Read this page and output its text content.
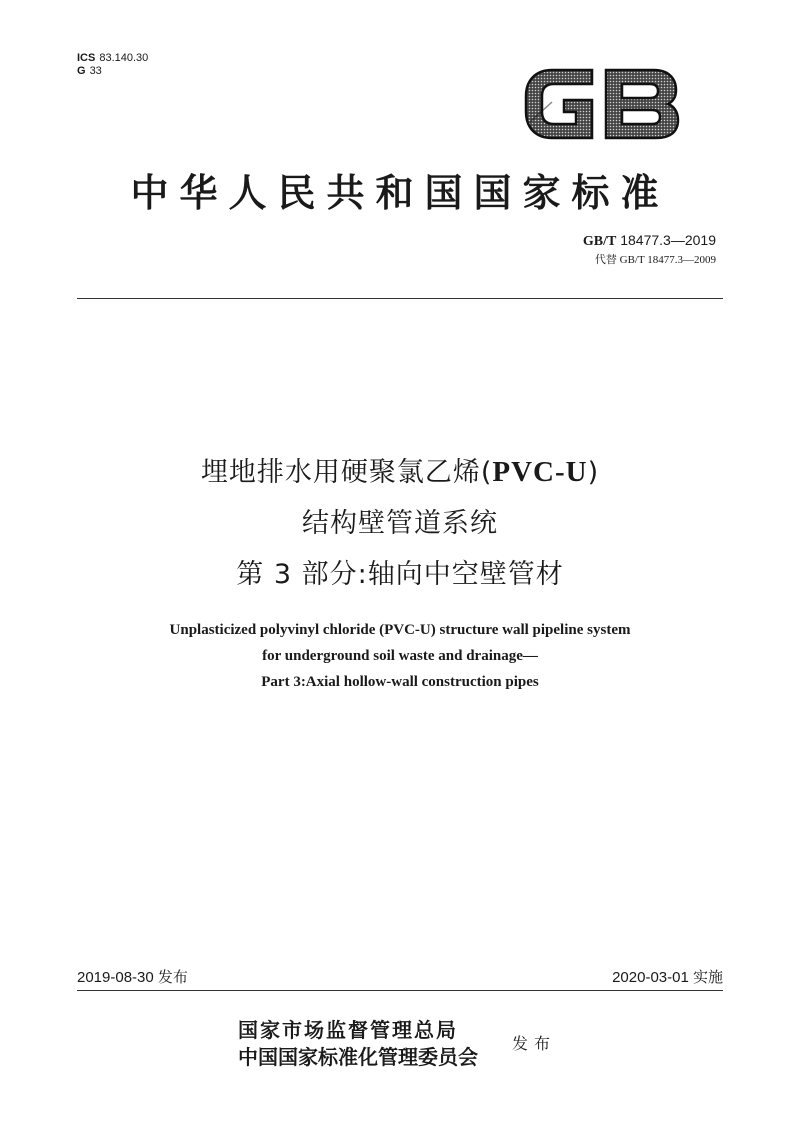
ICS 83.140.30
G 33
中华人民共和国国家标准
GB/T 18477.3—2019
代替 GB/T 18477.3—2009
埋地排水用硬聚氯乙烯(PVC-U)
结构壁管道系统
第 3 部分:轴向中空壁管材
Unplasticized polyvinyl chloride (PVC-U) structure wall pipeline system
for underground soil waste and drainage—
Part 3:Axial hollow-wall construction pipes
2019-08-30 发布	2020-03-01 实施
国家市场监督管理总局
中国国家标准化管理委员会
发布
